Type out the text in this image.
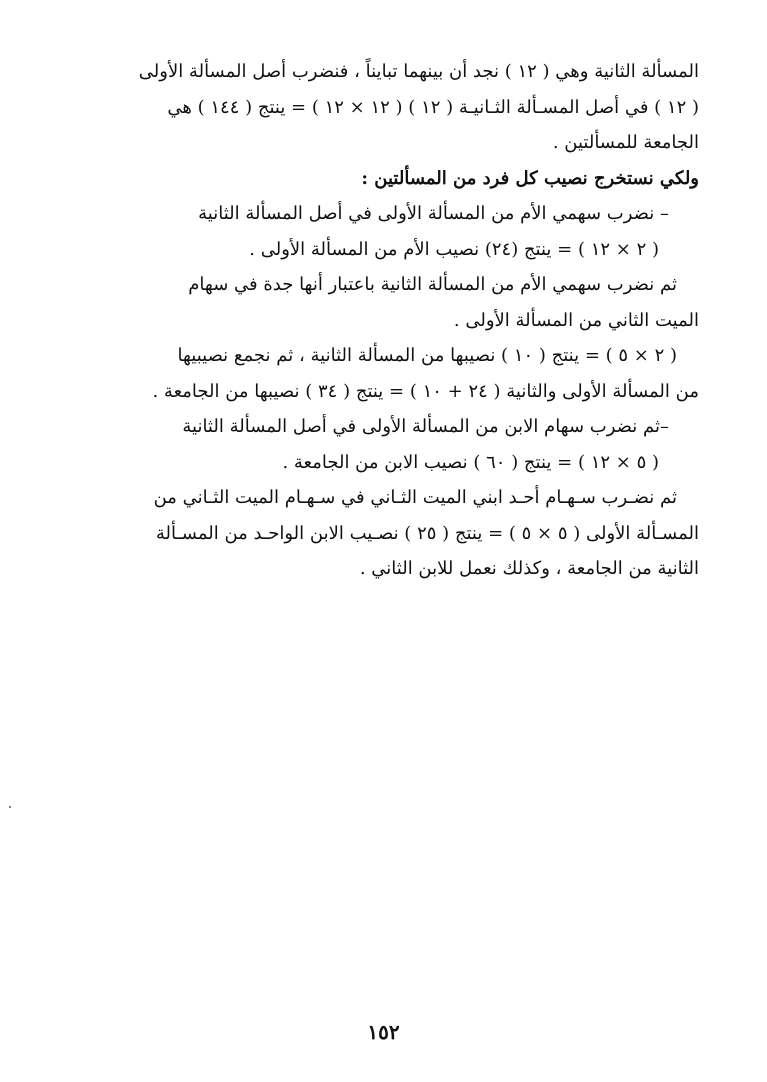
المسألة الثانية وهي ( ١٢ ) نجد أن بينهما تبايناً ، فنضرب أصل المسألة الأولى
( ١٢ ) في أصل المسـألة الثـانيـة ( ١٢ ) ( ١٢ × ١٢ ) = ينتج ( ١٤٤ ) هي
الجامعة للمسألتين .
ولكي نستخرج نصيب كل فرد من المسألتين :
– نضرب سهمي الأم من المسألة الأولى في أصل المسألة الثانية
( ٢ × ١٢ ) = ينتج (٢٤) نصيب الأم من المسألة الأولى .
ثم نضرب سهمي الأم من المسألة الثانية باعتبار أنها جدة في سهام
الميت الثاني من المسألة الأولى .
( ٢ × ٥ ) = ينتج ( ١٠ ) نصيبها من المسألة الثانية ، ثم نجمع نصيبيها
من المسألة الأولى والثانية ( ٢٤ + ١٠ ) = ينتج ( ٣٤ ) نصيبها من الجامعة .
–ثم نضرب سهام الابن من المسألة الأولى في أصل المسألة الثانية
( ٥ × ١٢ ) = ينتج ( ٦٠ ) نصيب الابن من الجامعة .
ثم نضـرب سـهـام أحـد ابني الميت الثـاني في سـهـام الميت الثـاني من
المسـألة الأولى ( ٥ × ٥ ) = ينتج ( ٢٥ ) نصـيب الابن الواحـد من المسـألة
الثانية من الجامعة ، وكذلك نعمل للابن الثاني .
١٥٢
